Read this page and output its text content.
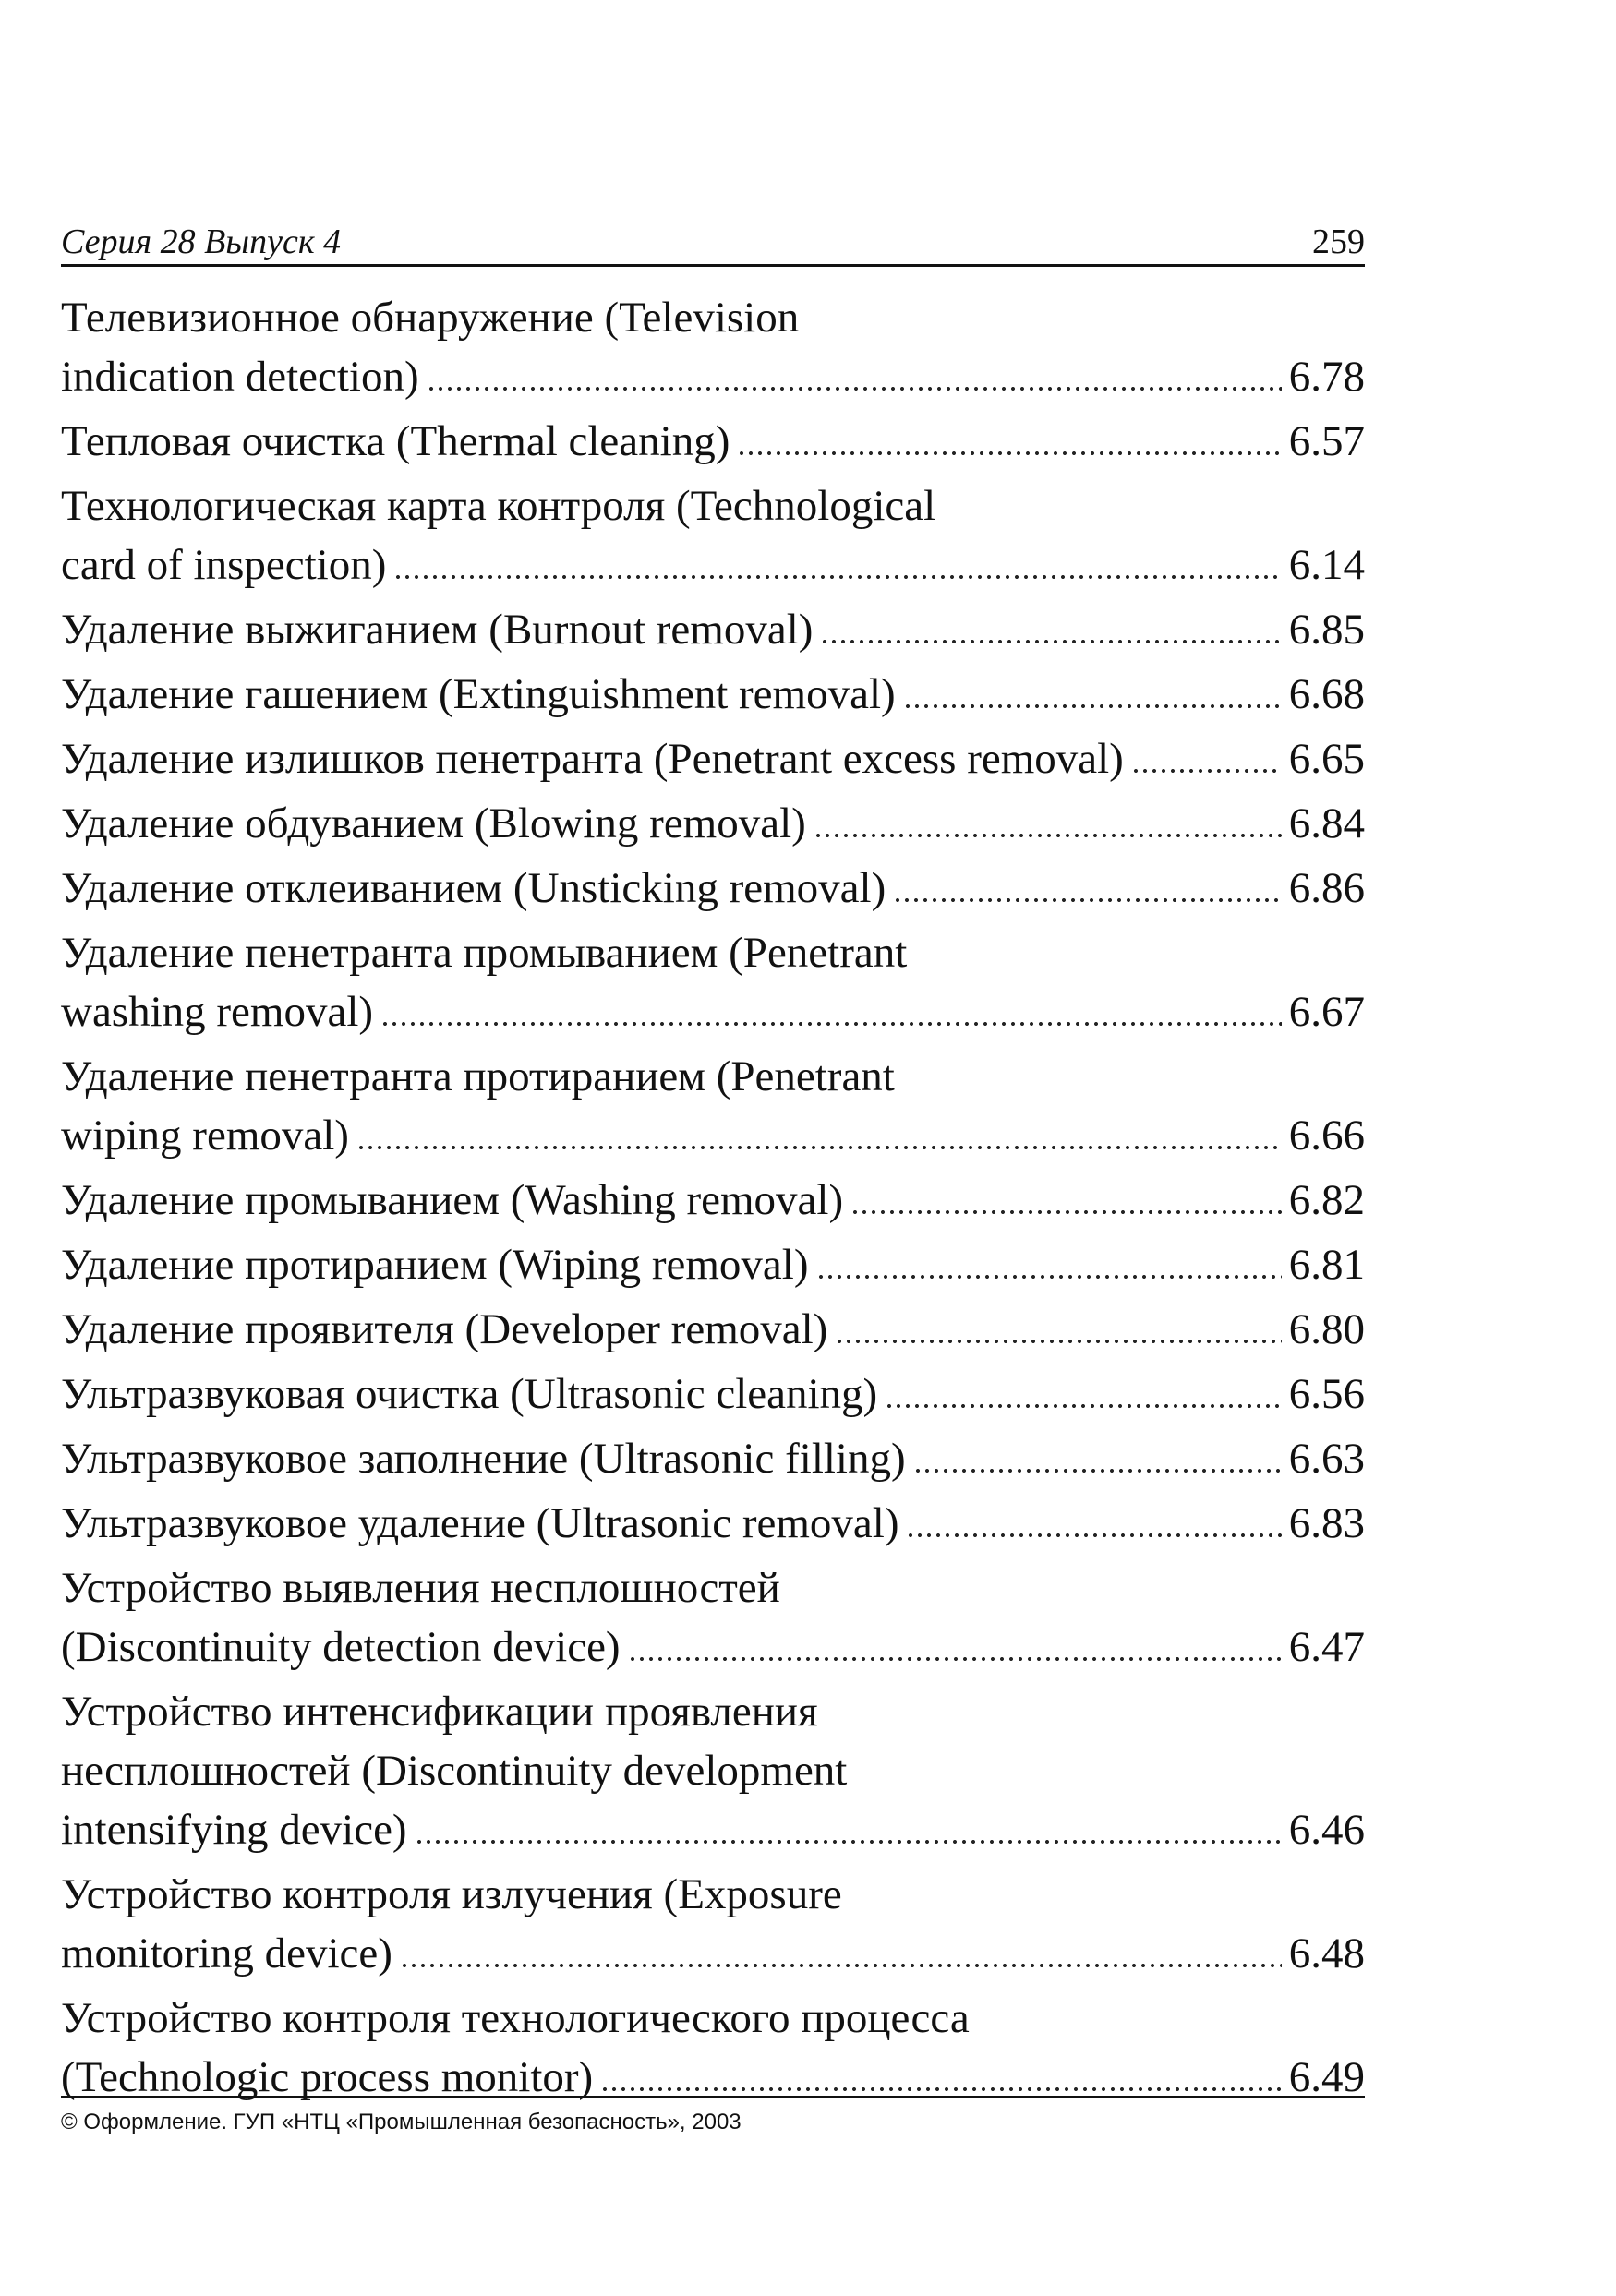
Серия 28 Выпуск 4	259
Телевизионное обнаружение (Television
indication detection)	6.78
Тепловая очистка (Thermal cleaning)	6.57
Технологическая карта контроля (Technological
card of inspection)	6.14
Удаление выжиганием (Burnout removal)	6.85
Удаление гашением (Extinguishment removal)	6.68
Удаление излишков пенетранта (Penetrant excess removal)	6.65
Удаление обдуванием (Blowing removal)	6.84
Удаление отклеиванием (Unsticking removal)	6.86
Удаление пенетранта промыванием (Penetrant
washing removal)	6.67
Удаление пенетранта протиранием (Penetrant
wiping removal)	6.66
Удаление промыванием (Washing removal)	6.82
Удаление протиранием (Wiping removal)	6.81
Удаление проявителя (Developer removal)	6.80
Ультразвуковая очистка (Ultrasonic cleaning)	6.56
Ультразвуковое заполнение (Ultrasonic filling)	6.63
Ультразвуковое удаление (Ultrasonic removal)	6.83
Устройство выявления несплошностей
(Discontinuity detection device)	6.47
Устройство интенсификации проявления
несплошностей (Discontinuity development
intensifying device)	6.46
Устройство контроля излучения (Exposure
monitoring device)	6.48
Устройство контроля технологического процесса
(Technologic process monitor)	6.49
© Оформление. ГУП «НТЦ «Промышленная безопасность», 2003
